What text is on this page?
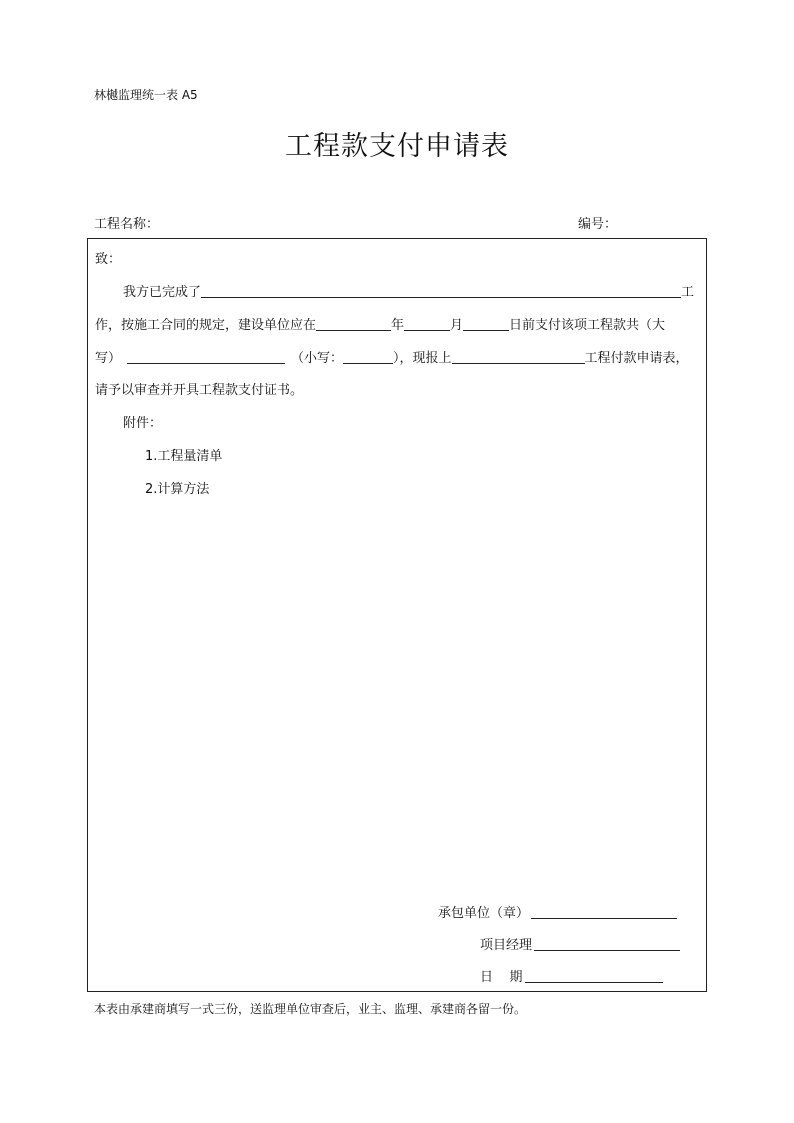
林樾监理统一表 A5
工程款支付申请表
工程名称：	编号：
致：
我方已完成了	工
作，按施工合同的规定，建设单位应在	年	月	日前支付该项工程款共（大
写）	（小写：	），现报上	工程付款申请表，
请予以审查并开具工程款支付证书。
附件：
1.工程量清单
2.计算方法
承包单位（章）
项目经理
日    期
本表由承建商填写一式三份，送监理单位审查后，业主、监理、承建商各留一份。
